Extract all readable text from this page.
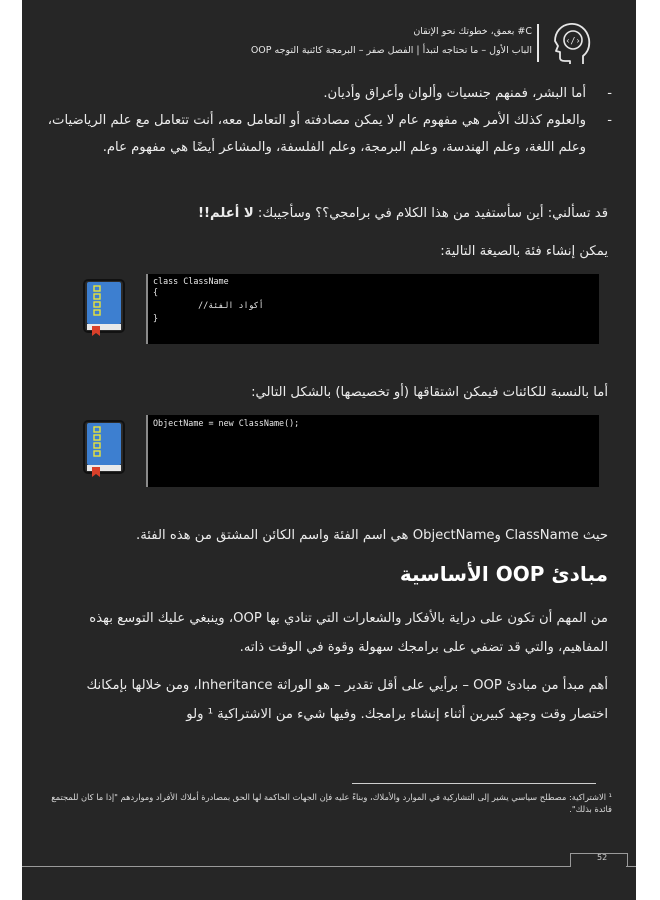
‹/›
C# بعمق، خطوتك نحو الإتقان
الباب الأول – ما تحتاجه لتبدأ | الفصل صفر – البرمجة كائنية التوجه OOP
-
أما البشر، فمنهم جنسيات وألوان وأعراق وأديان.
-
والعلوم كذلك الأمر هي مفهوم عام لا يمكن مصادفته أو التعامل معه، أنت تتعامل مع علم الرياضيات، وعلم اللغة، وعلم الهندسة، وعلم البرمجة، وعلم الفلسفة، والمشاعر أيضًا هي مفهوم عام.
قد تسألني: أين سأستفيد من هذا الكلام في برامجي؟؟ وسأجيبك: لا أعلم!!
يمكن إنشاء فئة بالصيغة التالية:
class ClassName
{
//أكواد الفئة
}
أما بالنسبة للكائنات فيمكن اشتقاقها (أو تخصيصها) بالشكل التالي:
ObjectName = new ClassName();
حيث ClassName وObjectName هي اسم الفئة واسم الكائن المشتق من هذه الفئة.
مبادئ OOP الأساسية
من المهم أن تكون على دراية بالأفكار والشعارات التي تنادي بها OOP، وينبغي عليك التوسع بهذه المفاهيم، والتي قد تضفي على برامجك سهولة وقوة في الوقت ذاته.
أهم مبدأ من مبادئ OOP – برأيي على أقل تقدير – هو الوراثة Inheritance، ومن خلالها بإمكانك اختصار وقت وجهد كبيرين أثناء إنشاء برامجك. وفيها شيء من الاشتراكية ¹ ولو
¹ الاشتراكية: مصطلح سياسي يشير إلى التشاركية في الموارد والأملاك، وبناءً عليه فإن الجهات الحاكمة لها الحق بمصادرة أملاك الأفراد ومواردهم "إذا ما كان للمجتمع فائدة بذلك".
52
